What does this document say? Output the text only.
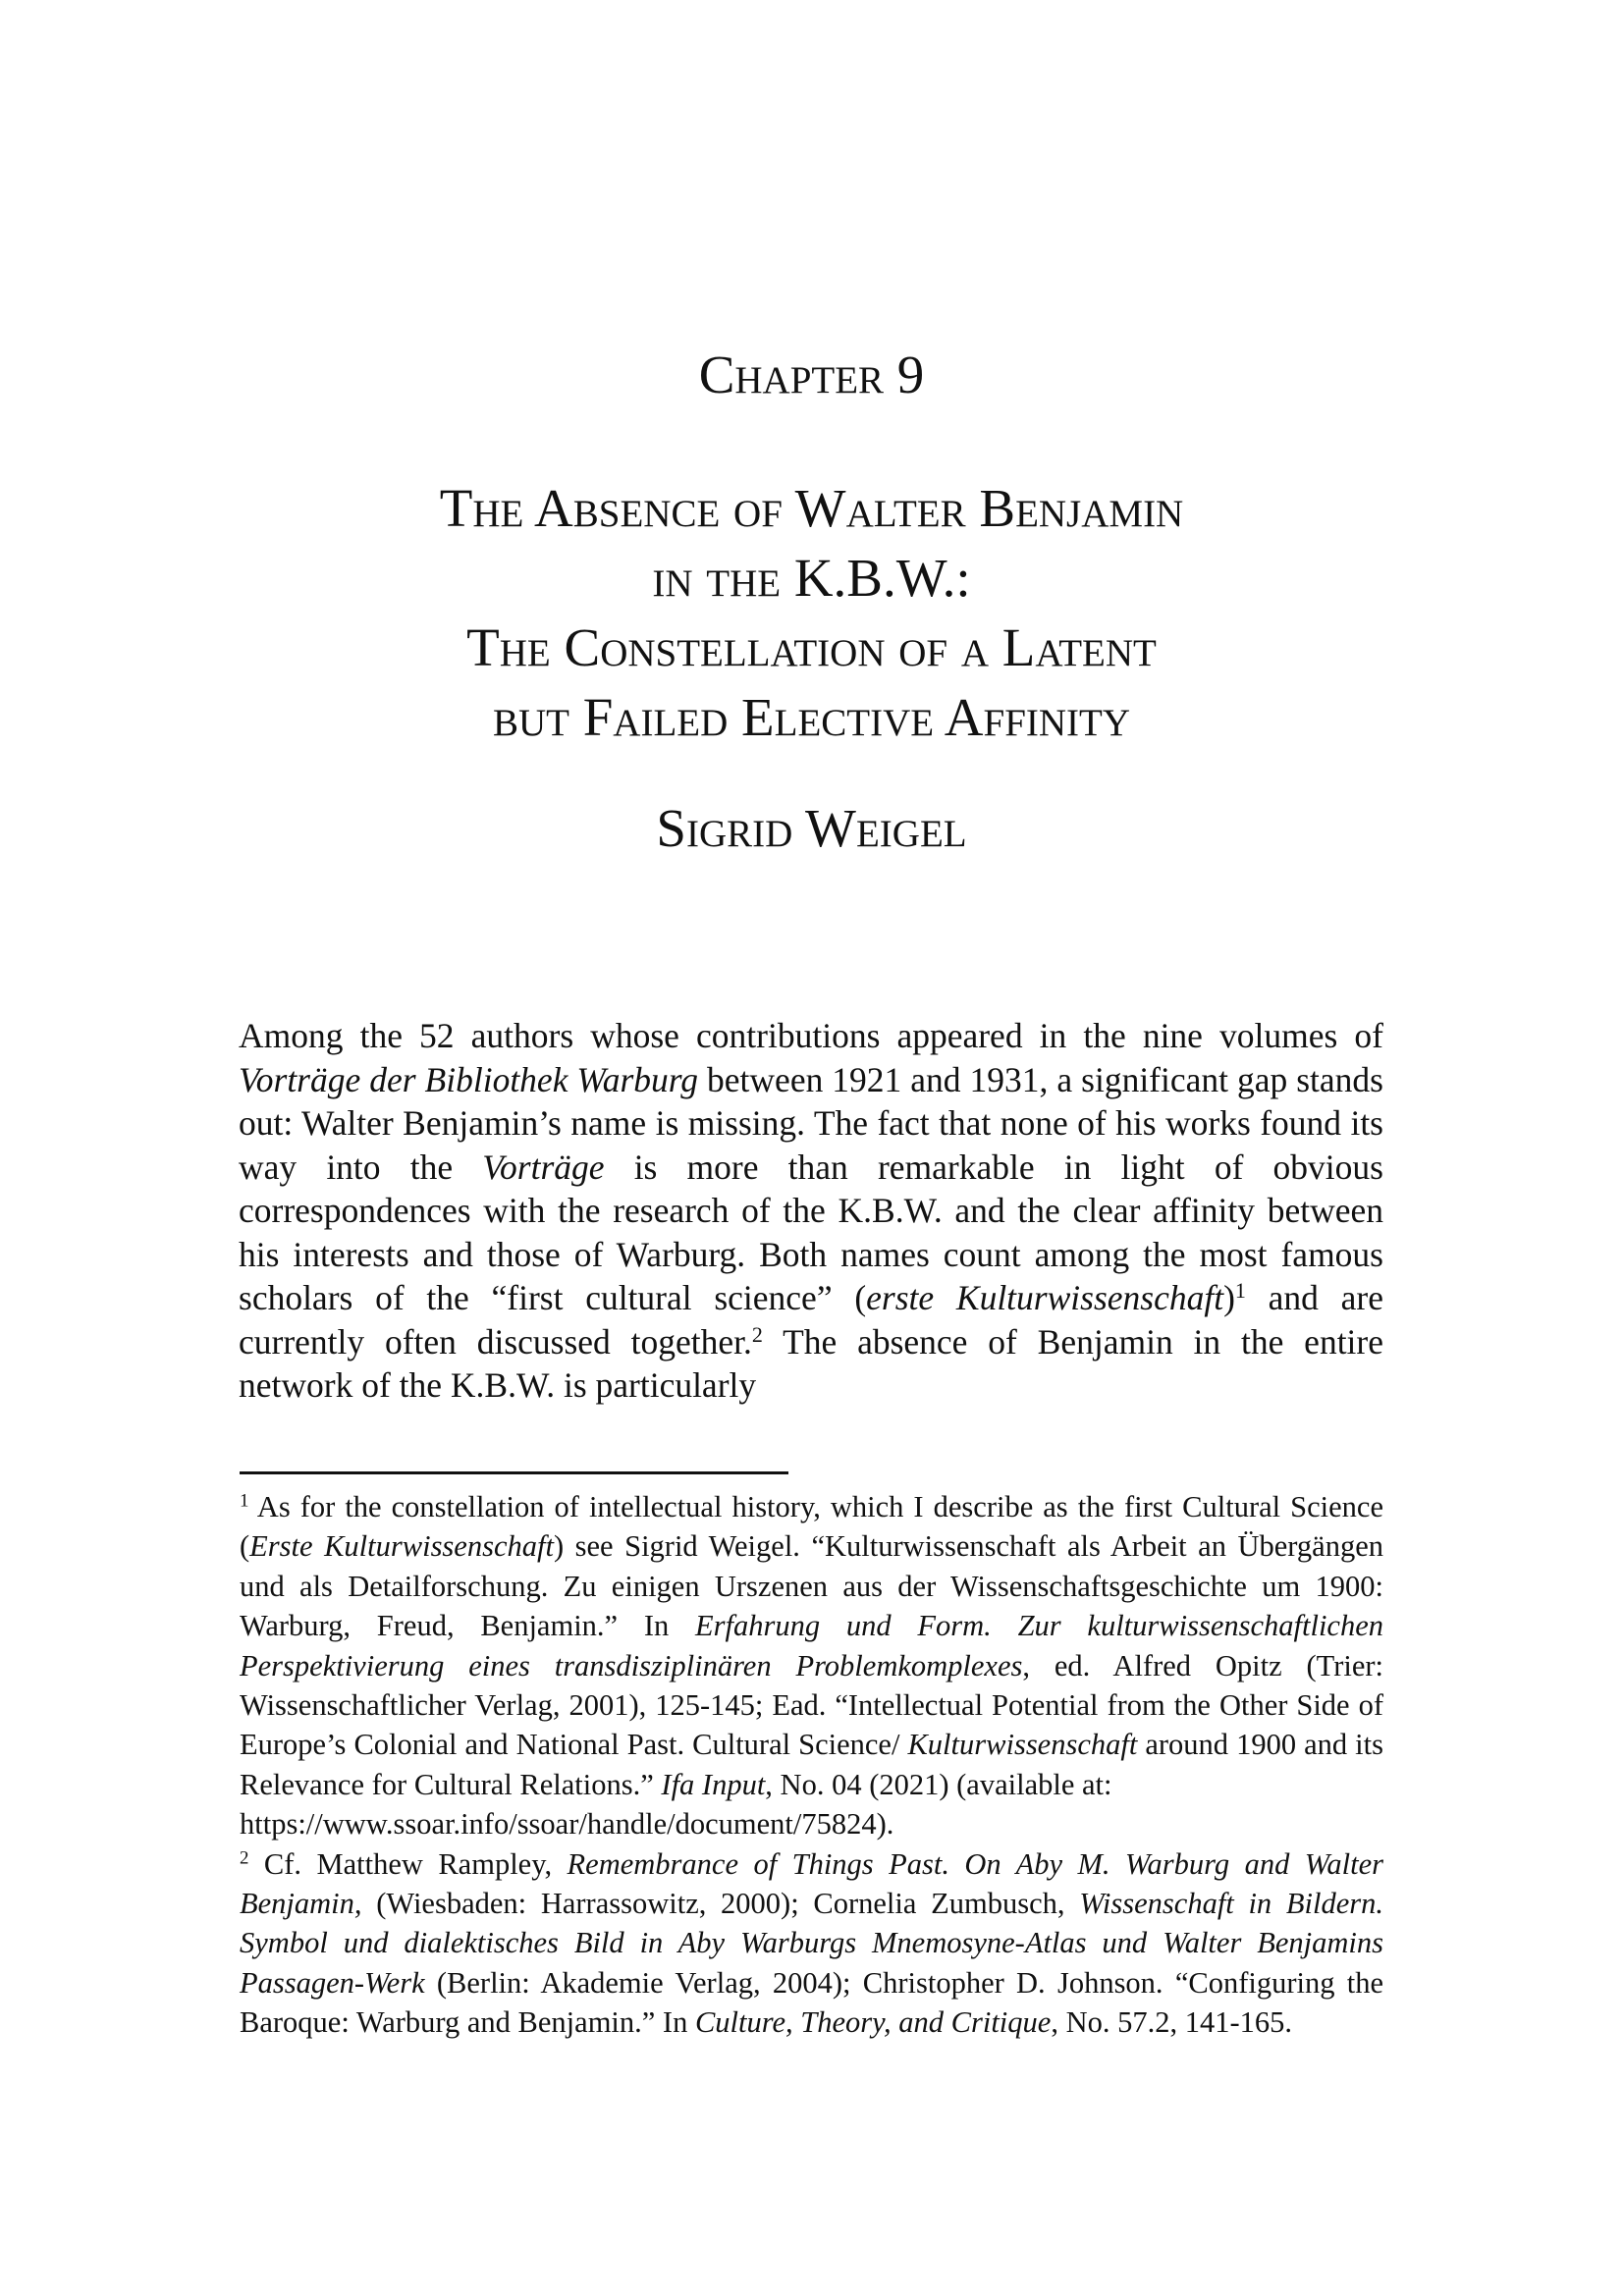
Chapter 9
The Absence of Walter Benjamin
in the K.B.W.:
The Constellation of a Latent
but Failed Elective Affinity
Sigrid Weigel

Among the 52 authors whose contributions appeared in the nine volumes of Vorträge der Bibliothek Warburg between 1921 and 1931, a significant gap stands out: Walter Benjamin’s name is missing. The fact that none of his works found its way into the Vorträge is more than remarkable in light of obvious correspondences with the research of the K.B.W. and the clear affinity between his interests and those of Warburg. Both names count among the most famous scholars of the “first cultural science” (erste Kulturwissenschaft)$^1$ and are currently often discussed together.$^2$ The absence of Benjamin in the entire network of the K.B.W. is particularly

$^1$ As for the constellation of intellectual history, which I describe as the first Cultural Science (Erste Kulturwissenschaft) see Sigrid Weigel. “Kulturwissenschaft als Arbeit an Übergängen und als Detailforschung. Zu einigen Urszenen aus der Wissenschaftsgeschichte um 1900: Warburg, Freud, Benjamin.” In Erfahrung und Form. Zur kulturwissenschaftlichen Perspektivierung eines transdisziplinären Problemkomplexes, ed. Alfred Opitz (Trier: Wissenschaftlicher Verlag, 2001), 125-145; Ead. “Intellectual Potential from the Other Side of Europe’s Colonial and National Past. Cultural Science/ Kulturwissenschaft around 1900 and its Relevance for Cultural Relations.” Ifa Input, No. 04 (2021) (available at:
https://www.ssoar.info/ssoar/handle/document/75824).

$^2$ Cf. Matthew Rampley, Remembrance of Things Past. On Aby M. Warburg and Walter Benjamin, (Wiesbaden: Harrassowitz, 2000); Cornelia Zumbusch, Wissenschaft in Bildern. Symbol und dialektisches Bild in Aby Warburgs Mnemosyne-Atlas und Walter Benjamins Passagen-Werk (Berlin: Akademie Verlag, 2004); Christopher D. Johnson. “Configuring the Baroque: Warburg and Benjamin.” In Culture, Theory, and Critique, No. 57.2, 141-165.
